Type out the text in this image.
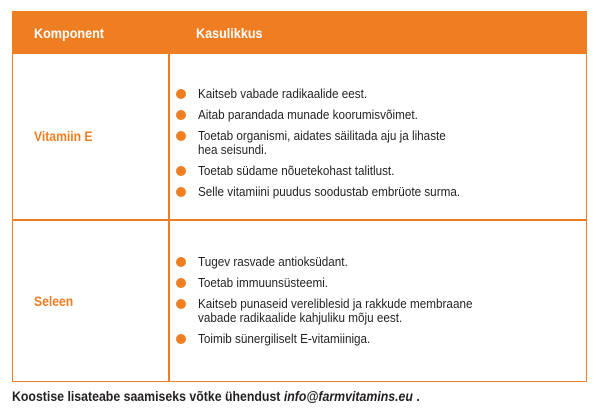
Komponent	Kasulikkus
Vitamiin E
Kaitseb vabade radikaalide eest.
Aitab parandada munade koorumisvõimet.
Toetab organismi, aidates säilitada aju ja lihaste
hea seisundi.
Toetab südame nõuetekohast talitlust.
Selle vitamiini puudus soodustab embrüote surma.
Seleen
Tugev rasvade antioksüdant.
Toetab immuunsüsteemi.
Kaitseb punaseid vereliblesid ja rakkude membraane
vabade radikaalide kahjuliku mõju eest.
Toimib sünergiliselt E-vitamiiniga.
Koostise lisateabe saamiseks võtke ühendust info@farmvitamins.eu .
